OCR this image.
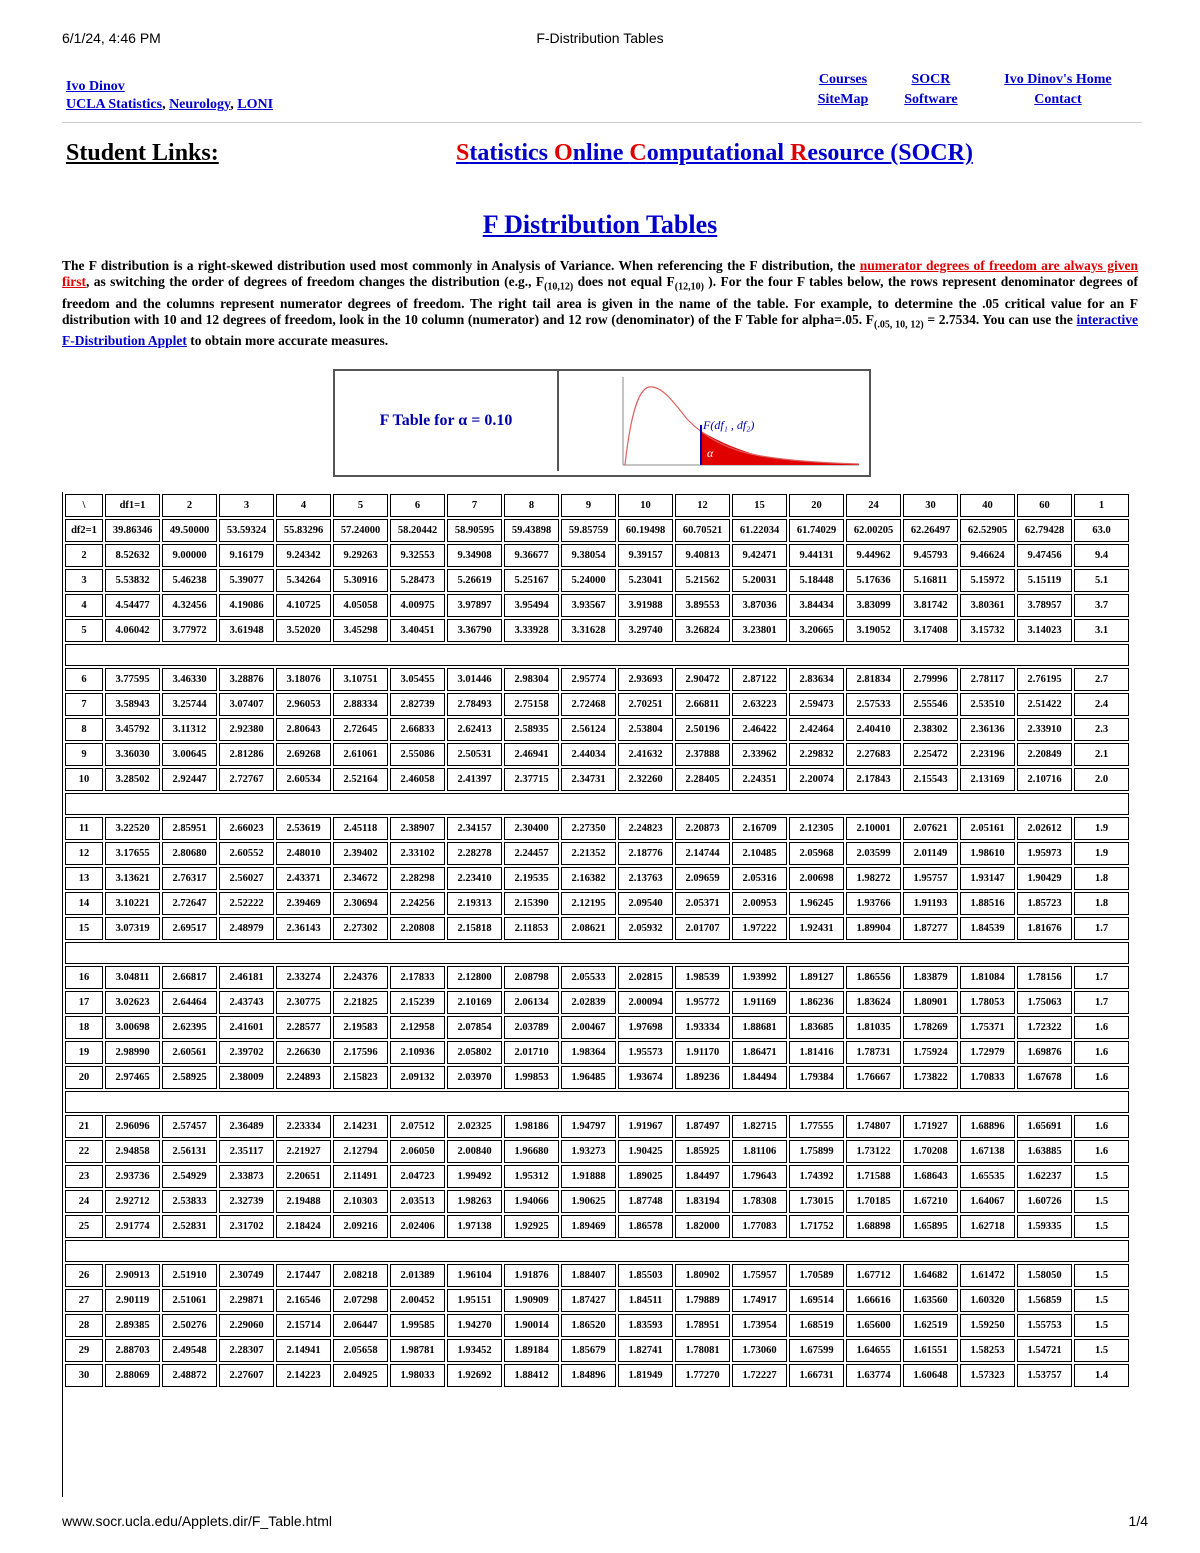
6/1/24, 4:46 PM	F-Distribution Tables
Ivo Dinov
UCLA Statistics, Neurology, LONI
Courses	SOCR	Ivo Dinov's Home
SiteMap	Software	Contact
Student Links:	Statistics Online Computational Resource (SOCR)
F Distribution Tables
The F distribution is a right-skewed distribution used most commonly in Analysis of Variance. When referencing the F distribution, the numerator degrees of freedom are always given first, as switching the order of degrees of freedom changes the distribution (e.g., $F_{(10,12)}$ does not equal $F_{(12,10)}$ ). For the four F tables below, the rows represent denominator degrees of freedom and the columns represent numerator degrees of freedom. The right tail area is given in the name of the table. For example, to determine the .05 critical value for an F distribution with 10 and 12 degrees of freedom, look in the 10 column (numerator) and 12 row (denominator) of the F Table for alpha=.05. $F_{(.05, 10, 12)} = 2.7534$. You can use the interactive F-Distribution Applet to obtain more accurate measures.
F Table for α = 0.10	F(df₁ , df₂)
α
\	df1=1	2	3	4	5	6	7	8	9	10	12	15	20	24	30	40	60	1
df2=1	39.86346	49.50000	53.59324	55.83296	57.24000	58.20442	58.90595	59.43898	59.85759	60.19498	60.70521	61.22034	61.74029	62.00205	62.26497	62.52905	62.79428	63.0
2	8.52632	9.00000	9.16179	9.24342	9.29263	9.32553	9.34908	9.36677	9.38054	9.39157	9.40813	9.42471	9.44131	9.44962	9.45793	9.46624	9.47456	9.4
3	5.53832	5.46238	5.39077	5.34264	5.30916	5.28473	5.26619	5.25167	5.24000	5.23041	5.21562	5.20031	5.18448	5.17636	5.16811	5.15972	5.15119	5.1
4	4.54477	4.32456	4.19086	4.10725	4.05058	4.00975	3.97897	3.95494	3.93567	3.91988	3.89553	3.87036	3.84434	3.83099	3.81742	3.80361	3.78957	3.7
5	4.06042	3.77972	3.61948	3.52020	3.45298	3.40451	3.36790	3.33928	3.31628	3.29740	3.26824	3.23801	3.20665	3.19052	3.17408	3.15732	3.14023	3.1

6	3.77595	3.46330	3.28876	3.18076	3.10751	3.05455	3.01446	2.98304	2.95774	2.93693	2.90472	2.87122	2.83634	2.81834	2.79996	2.78117	2.76195	2.7
7	3.58943	3.25744	3.07407	2.96053	2.88334	2.82739	2.78493	2.75158	2.72468	2.70251	2.66811	2.63223	2.59473	2.57533	2.55546	2.53510	2.51422	2.4
8	3.45792	3.11312	2.92380	2.80643	2.72645	2.66833	2.62413	2.58935	2.56124	2.53804	2.50196	2.46422	2.42464	2.40410	2.38302	2.36136	2.33910	2.3
9	3.36030	3.00645	2.81286	2.69268	2.61061	2.55086	2.50531	2.46941	2.44034	2.41632	2.37888	2.33962	2.29832	2.27683	2.25472	2.23196	2.20849	2.1
10	3.28502	2.92447	2.72767	2.60534	2.52164	2.46058	2.41397	2.37715	2.34731	2.32260	2.28405	2.24351	2.20074	2.17843	2.15543	2.13169	2.10716	2.0

11	3.22520	2.85951	2.66023	2.53619	2.45118	2.38907	2.34157	2.30400	2.27350	2.24823	2.20873	2.16709	2.12305	2.10001	2.07621	2.05161	2.02612	1.9
12	3.17655	2.80680	2.60552	2.48010	2.39402	2.33102	2.28278	2.24457	2.21352	2.18776	2.14744	2.10485	2.05968	2.03599	2.01149	1.98610	1.95973	1.9
13	3.13621	2.76317	2.56027	2.43371	2.34672	2.28298	2.23410	2.19535	2.16382	2.13763	2.09659	2.05316	2.00698	1.98272	1.95757	1.93147	1.90429	1.8
14	3.10221	2.72647	2.52222	2.39469	2.30694	2.24256	2.19313	2.15390	2.12195	2.09540	2.05371	2.00953	1.96245	1.93766	1.91193	1.88516	1.85723	1.8
15	3.07319	2.69517	2.48979	2.36143	2.27302	2.20808	2.15818	2.11853	2.08621	2.05932	2.01707	1.97222	1.92431	1.89904	1.87277	1.84539	1.81676	1.7

16	3.04811	2.66817	2.46181	2.33274	2.24376	2.17833	2.12800	2.08798	2.05533	2.02815	1.98539	1.93992	1.89127	1.86556	1.83879	1.81084	1.78156	1.7
17	3.02623	2.64464	2.43743	2.30775	2.21825	2.15239	2.10169	2.06134	2.02839	2.00094	1.95772	1.91169	1.86236	1.83624	1.80901	1.78053	1.75063	1.7
18	3.00698	2.62395	2.41601	2.28577	2.19583	2.12958	2.07854	2.03789	2.00467	1.97698	1.93334	1.88681	1.83685	1.81035	1.78269	1.75371	1.72322	1.6
19	2.98990	2.60561	2.39702	2.26630	2.17596	2.10936	2.05802	2.01710	1.98364	1.95573	1.91170	1.86471	1.81416	1.78731	1.75924	1.72979	1.69876	1.6
20	2.97465	2.58925	2.38009	2.24893	2.15823	2.09132	2.03970	1.99853	1.96485	1.93674	1.89236	1.84494	1.79384	1.76667	1.73822	1.70833	1.67678	1.6

21	2.96096	2.57457	2.36489	2.23334	2.14231	2.07512	2.02325	1.98186	1.94797	1.91967	1.87497	1.82715	1.77555	1.74807	1.71927	1.68896	1.65691	1.6
22	2.94858	2.56131	2.35117	2.21927	2.12794	2.06050	2.00840	1.96680	1.93273	1.90425	1.85925	1.81106	1.75899	1.73122	1.70208	1.67138	1.63885	1.6
23	2.93736	2.54929	2.33873	2.20651	2.11491	2.04723	1.99492	1.95312	1.91888	1.89025	1.84497	1.79643	1.74392	1.71588	1.68643	1.65535	1.62237	1.5
24	2.92712	2.53833	2.32739	2.19488	2.10303	2.03513	1.98263	1.94066	1.90625	1.87748	1.83194	1.78308	1.73015	1.70185	1.67210	1.64067	1.60726	1.5
25	2.91774	2.52831	2.31702	2.18424	2.09216	2.02406	1.97138	1.92925	1.89469	1.86578	1.82000	1.77083	1.71752	1.68898	1.65895	1.62718	1.59335	1.5

26	2.90913	2.51910	2.30749	2.17447	2.08218	2.01389	1.96104	1.91876	1.88407	1.85503	1.80902	1.75957	1.70589	1.67712	1.64682	1.61472	1.58050	1.5
27	2.90119	2.51061	2.29871	2.16546	2.07298	2.00452	1.95151	1.90909	1.87427	1.84511	1.79889	1.74917	1.69514	1.66616	1.63560	1.60320	1.56859	1.5
28	2.89385	2.50276	2.29060	2.15714	2.06447	1.99585	1.94270	1.90014	1.86520	1.83593	1.78951	1.73954	1.68519	1.65600	1.62519	1.59250	1.55753	1.5
29	2.88703	2.49548	2.28307	2.14941	2.05658	1.98781	1.93452	1.89184	1.85679	1.82741	1.78081	1.73060	1.67599	1.64655	1.61551	1.58253	1.54721	1.5
30	2.88069	2.48872	2.27607	2.14223	2.04925	1.98033	1.92692	1.88412	1.84896	1.81949	1.77270	1.72227	1.66731	1.63774	1.60648	1.57323	1.53757	1.4
www.socr.ucla.edu/Applets.dir/F_Table.html	1/4
